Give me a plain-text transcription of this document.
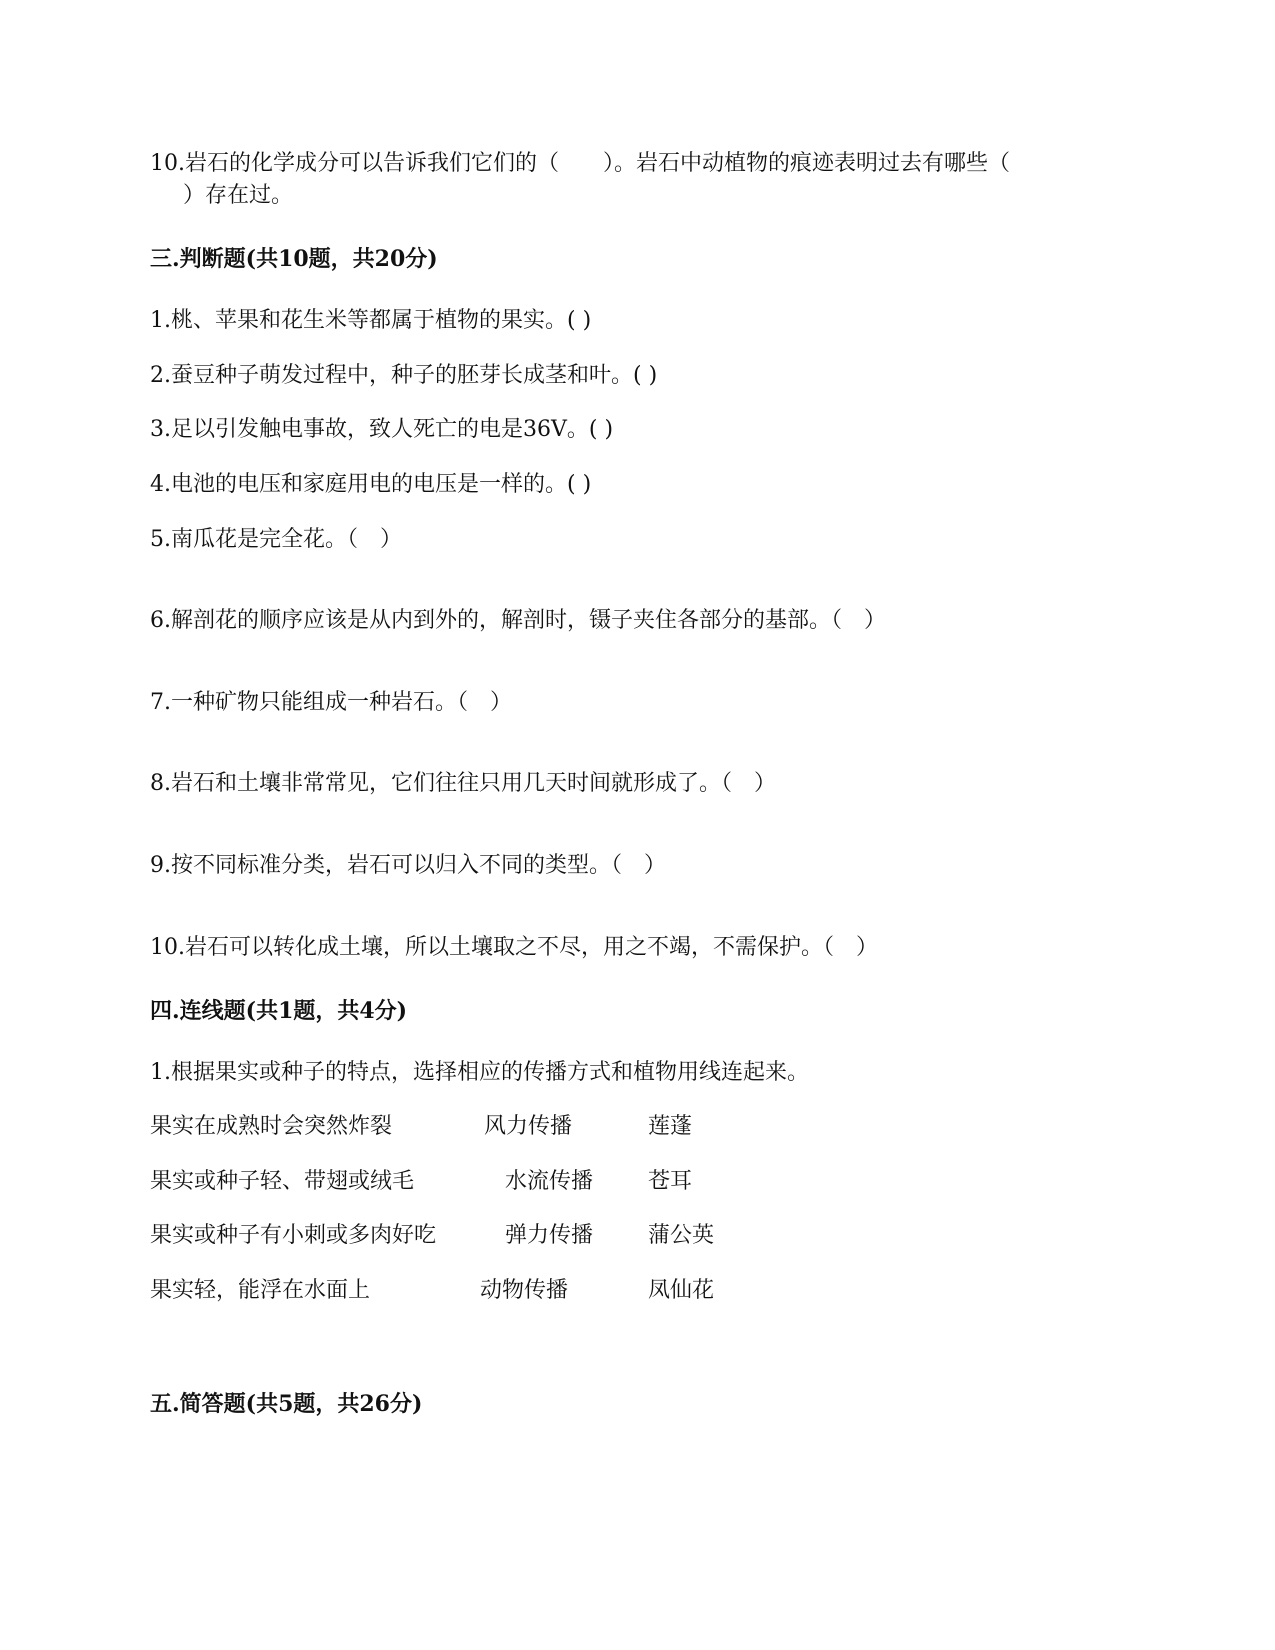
10.岩石的化学成分可以告诉我们它们的（　　）。岩石中动植物的痕迹表明过去有哪些（
）存在过。
三.判断题(共10题，共20分)
1.桃、苹果和花生米等都属于植物的果实。( )
2.蚕豆种子萌发过程中，种子的胚芽长成茎和叶。( )
3.足以引发触电事故，致人死亡的电是36V。( )
4.电池的电压和家庭用电的电压是一样的。( )
5.南瓜花是完全花。（　）
6.解剖花的顺序应该是从内到外的，解剖时，镊子夹住各部分的基部。（　）
7.一种矿物只能组成一种岩石。（　）
8.岩石和土壤非常常见，它们往往只用几天时间就形成了。（　）
9.按不同标准分类，岩石可以归入不同的类型。（　）
10.岩石可以转化成土壤，所以土壤取之不尽，用之不竭，不需保护。（　）
四.连线题(共1题，共4分)
1.根据果实或种子的特点，选择相应的传播方式和植物用线连起来。
果实在成熟时会突然炸裂	风力传播	莲蓬
果实或种子轻、带翅或绒毛	水流传播 苍耳
果实或种子有小刺或多肉好吃	弹力传播 蒲公英
果实轻，能浮在水面上	动物传播	凤仙花
五.简答题(共5题，共26分)
